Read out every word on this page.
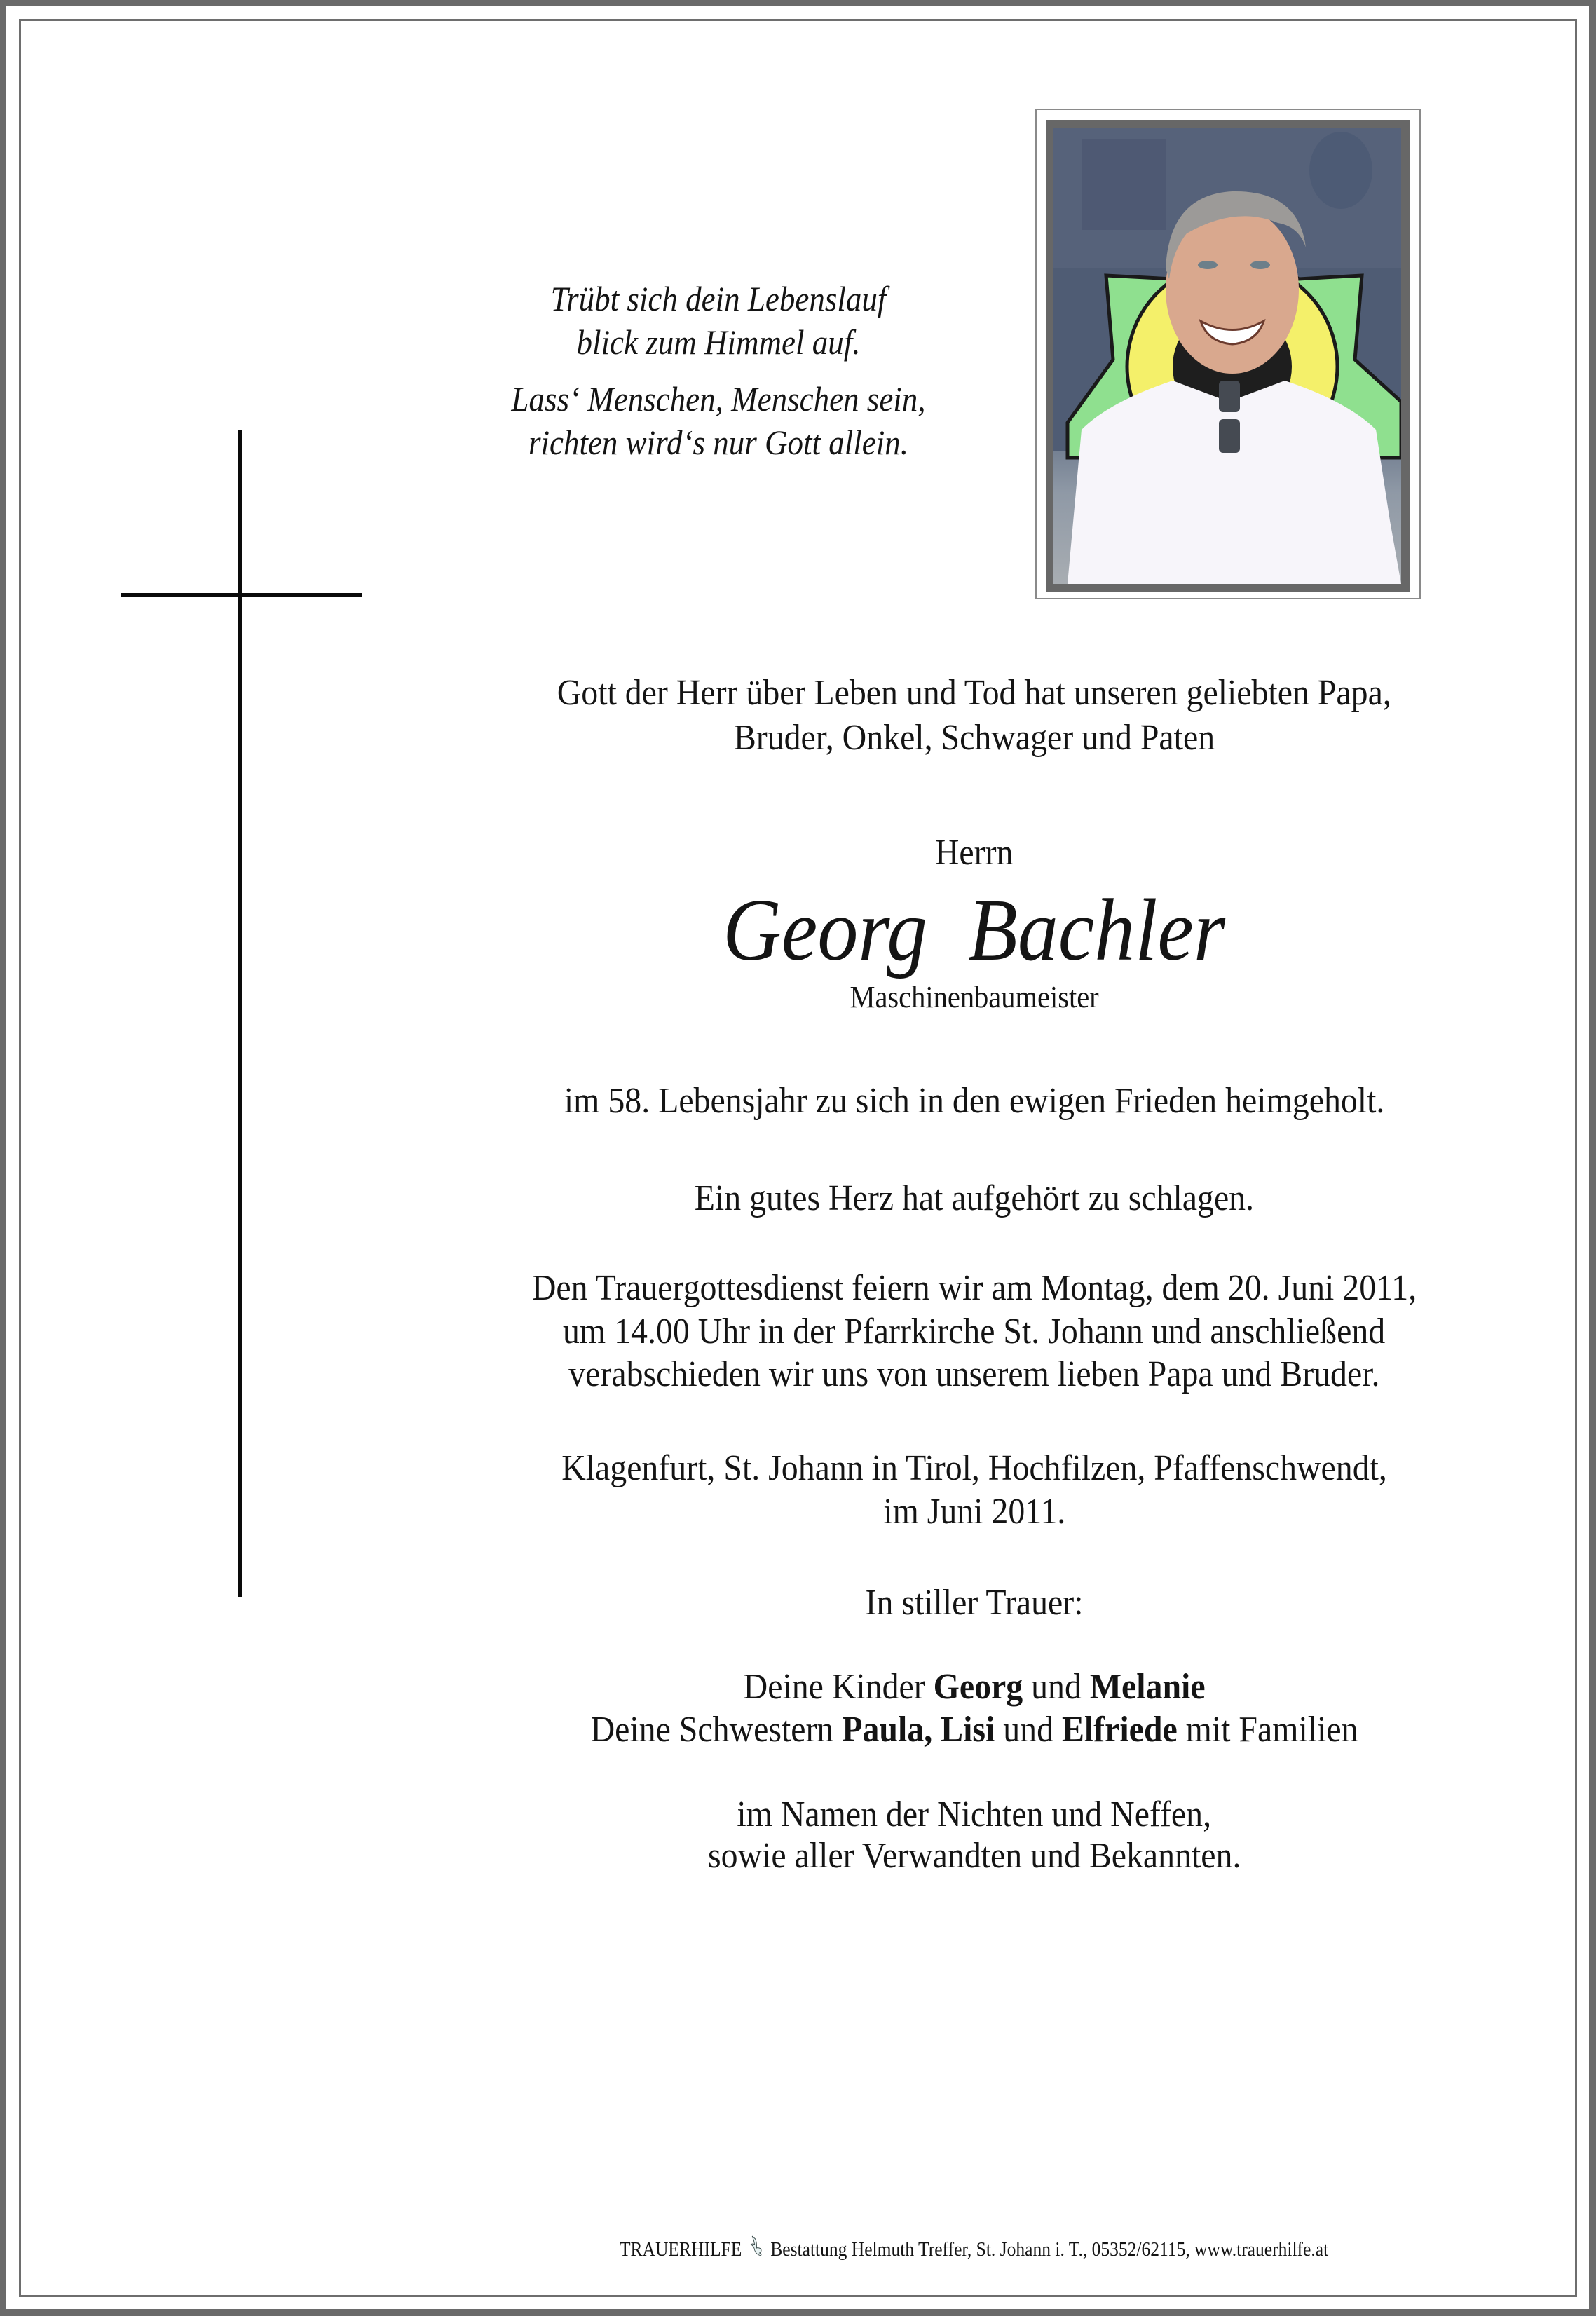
Trübt sich dein Lebenslauf
blick zum Himmel auf.
Lass‘ Menschen, Menschen sein,
richten wird‘s nur Gott allein.
Gott der Herr über Leben und Tod hat unseren geliebten Papa,
Bruder, Onkel, Schwager und Paten
Herrn
Georg  Bachler
Maschinenbaumeister
im 58. Lebensjahr zu sich in den ewigen Frieden heimgeholt.
Ein gutes Herz hat aufgehört zu schlagen.
Den Trauergottesdienst feiern wir am Montag, dem 20. Juni 2011,
um 14.00 Uhr in der Pfarrkirche St. Johann und anschließend
verabschieden wir uns von unserem lieben Papa und Bruder.
Klagenfurt, St. Johann in Tirol, Hochfilzen, Pfaffenschwendt,
im Juni 2011.
In stiller Trauer:
Deine Kinder Georg und Melanie
Deine Schwestern Paula, Lisi und Elfriede mit Familien
im Namen der Nichten und Neffen,
sowie aller Verwandten und Bekannten.
TRAUERHILFE Bestattung Helmuth Treffer, St. Johann i. T., 05352/62115, www.trauerhilfe.at
